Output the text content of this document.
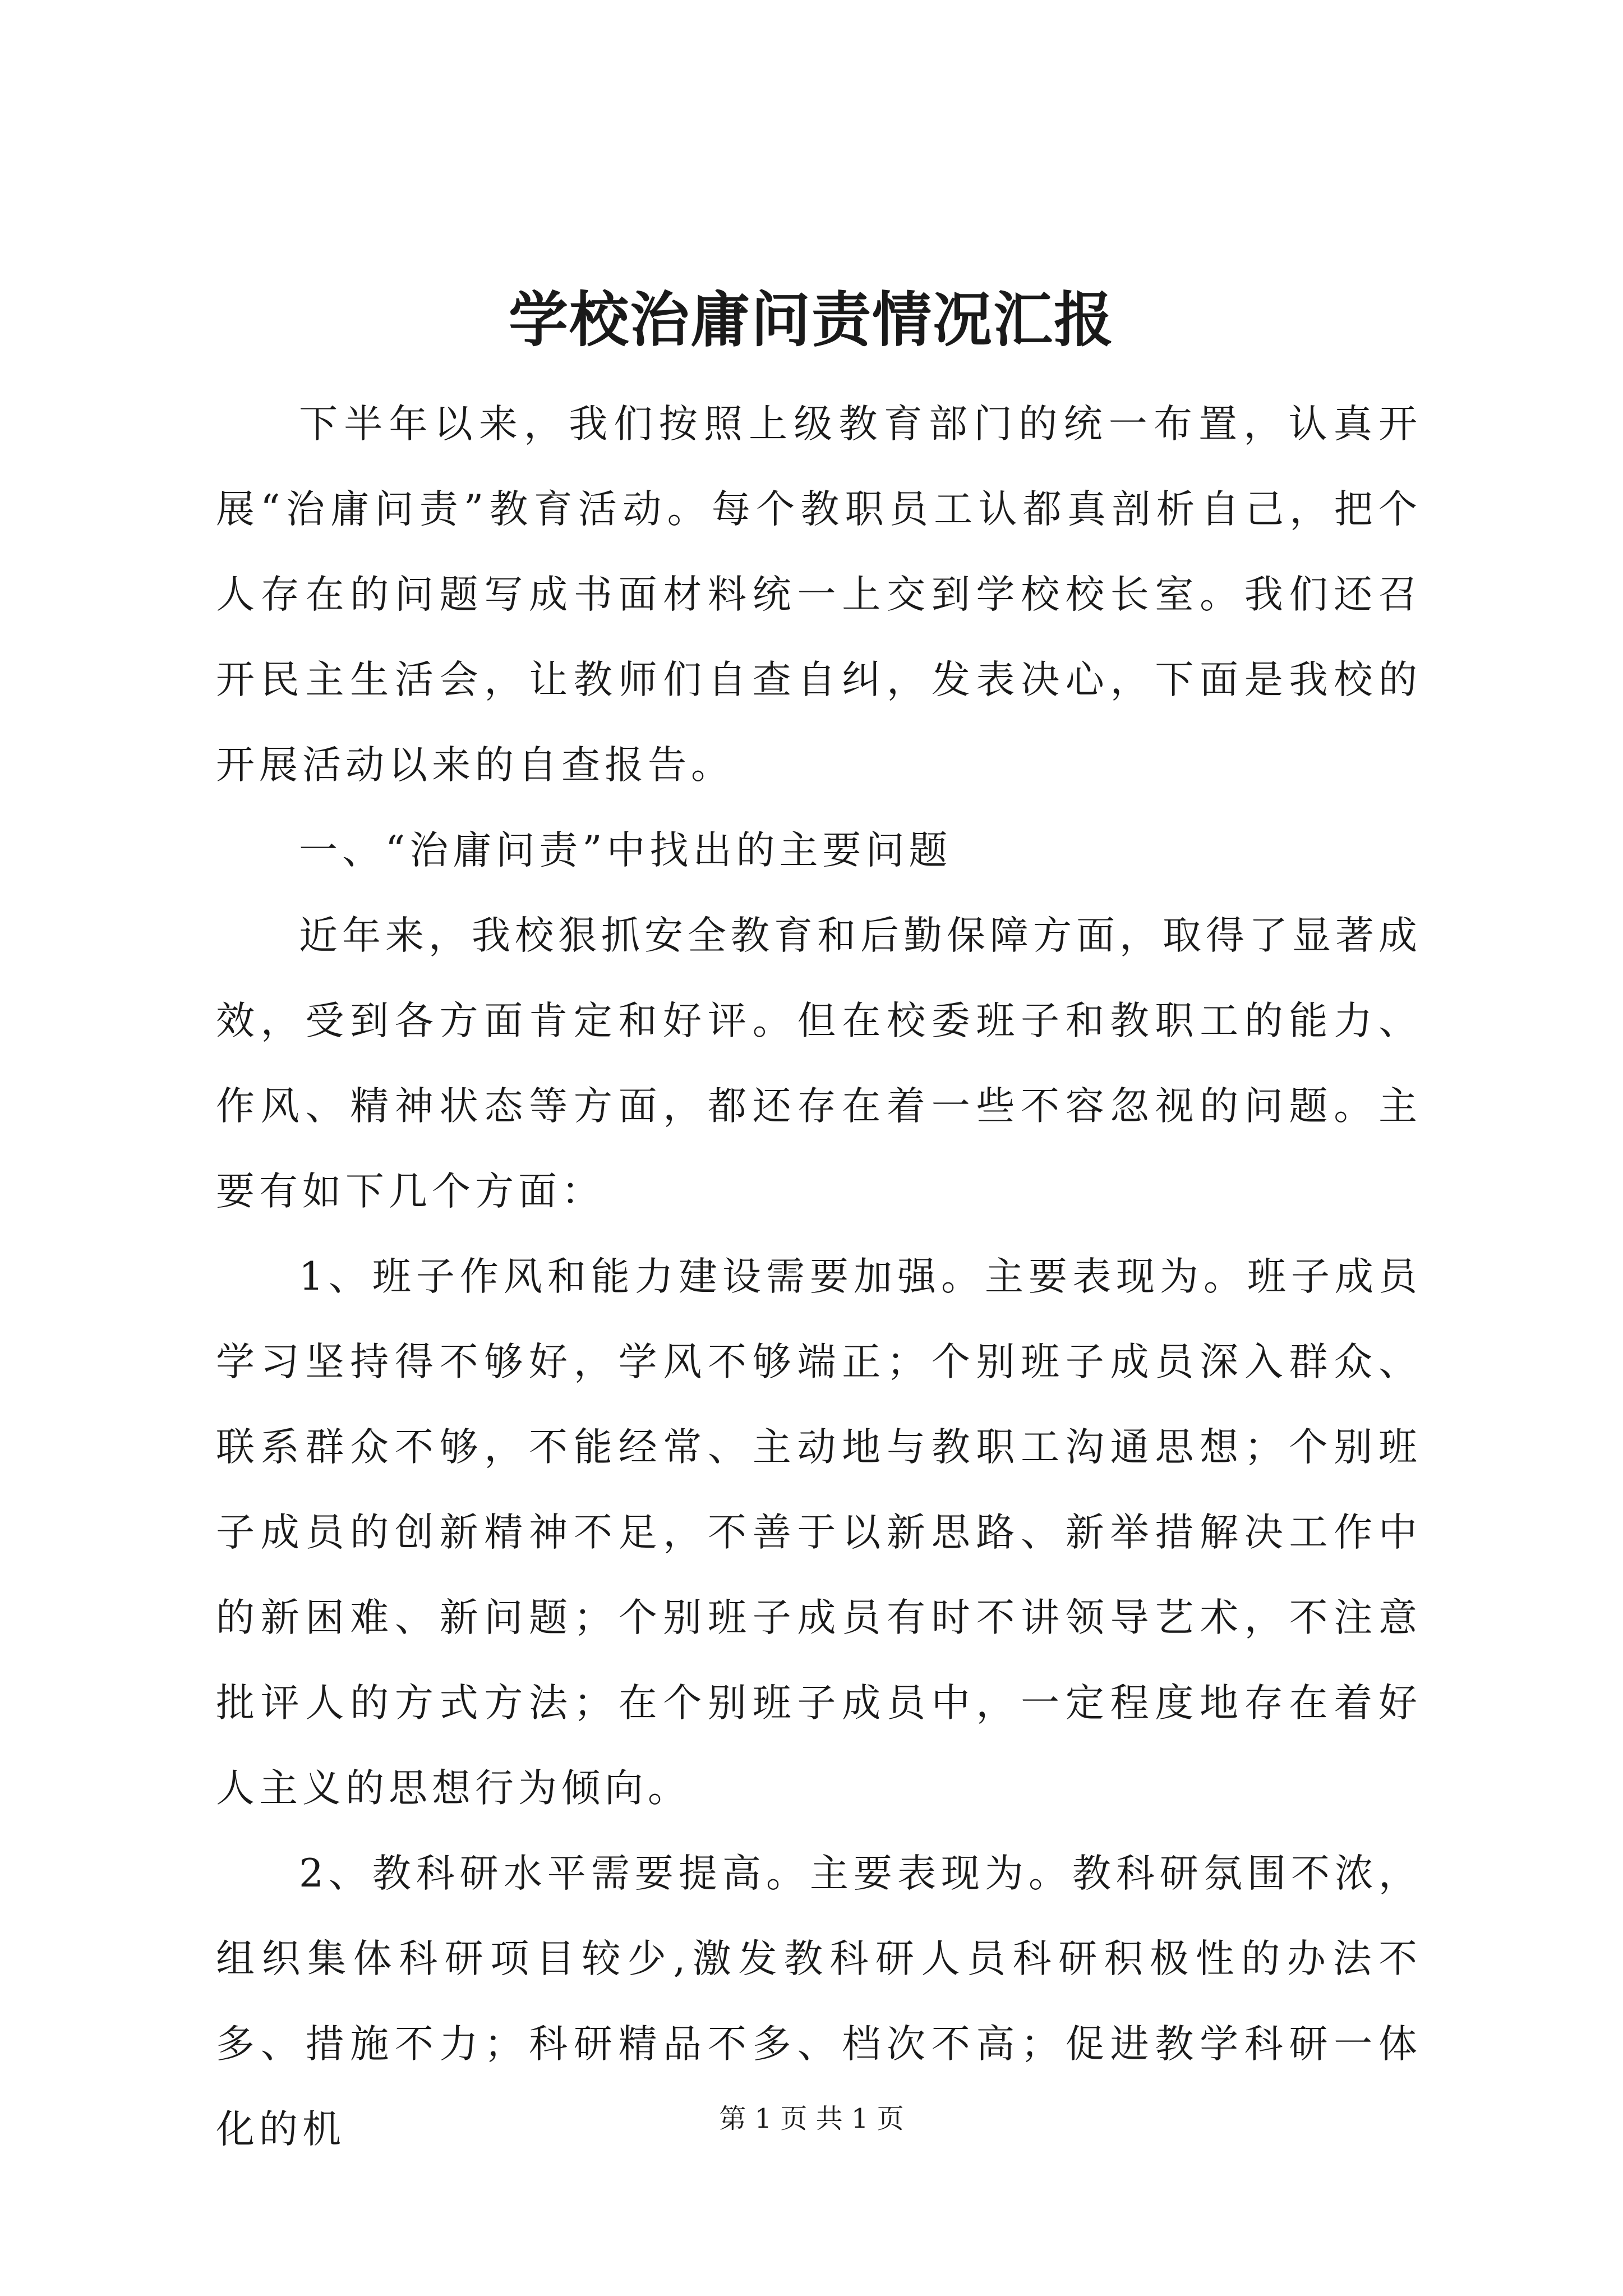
学校治庸问责情况汇报

下半年以来，我们按照上级教育部门的统一布置，认真开展“治庸问责”教育活动。每个教职员工认都真剖析自己，把个人存在的问题写成书面材料统一上交到学校校长室。我们还召开民主生活会，让教师们自查自纠，发表决心，下面是我校的开展活动以来的自查报告。

一、“治庸问责”中找出的主要问题

近年来，我校狠抓安全教育和后勤保障方面，取得了显著成效，受到各方面肯定和好评。但在校委班子和教职工的能力、作风、精神状态等方面，都还存在着一些不容忽视的问题。主要有如下几个方面：

1、班子作风和能力建设需要加强。主要表现为。班子成员学习坚持得不够好，学风不够端正；个别班子成员深入群众、联系群众不够，不能经常、主动地与教职工沟通思想；个别班子成员的创新精神不足，不善于以新思路、新举措解决工作中的新困难、新问题；个别班子成员有时不讲领导艺术，不注意批评人的方式方法；在个别班子成员中，一定程度地存在着好人主义的思想行为倾向。

2、教科研水平需要提高。主要表现为。教科研氛围不浓，组织集体科研项目较少,激发教科研人员科研积极性的办法不多、措施不力；科研精品不多、档次不高；促进教学科研一体化的机	第 1 页 共 1 页
